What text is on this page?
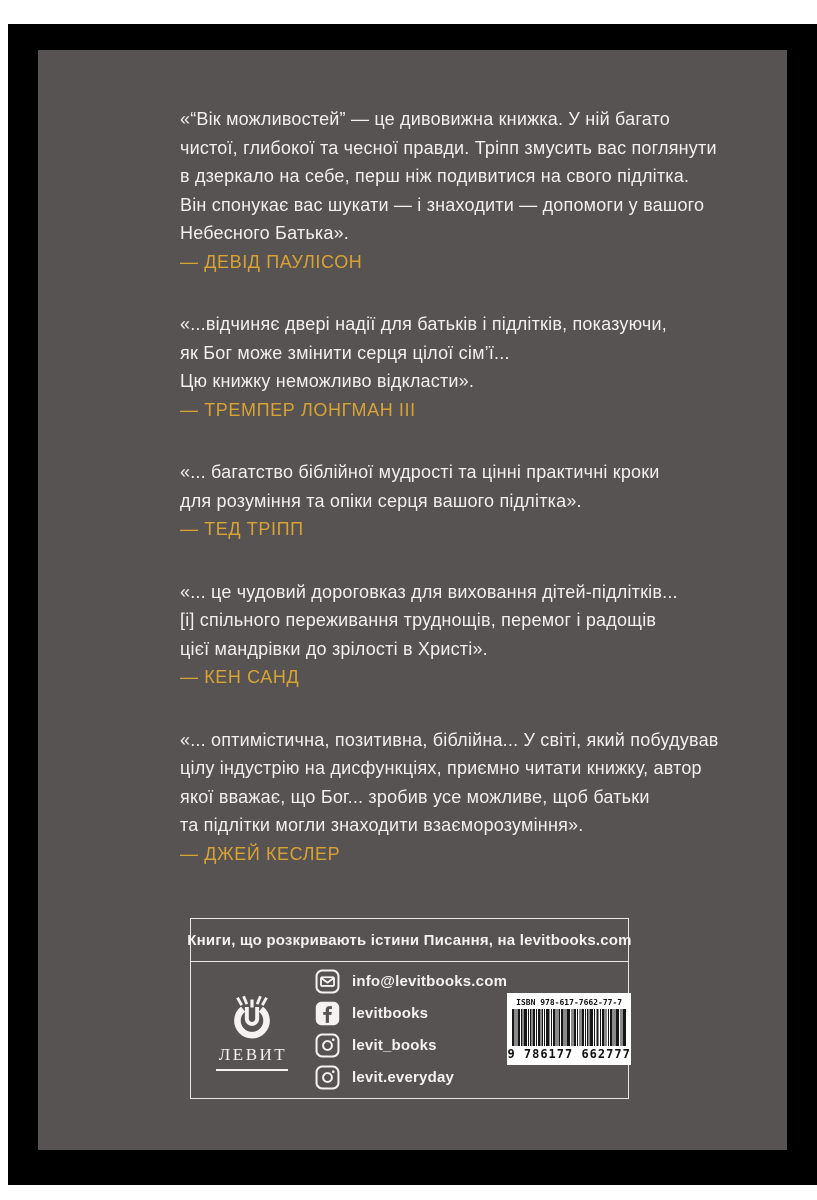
«“Вік можливостей” — це дивовижна книжка. У ній багато
чистої, глибокої та чесної правди. Тріпп змусить вас поглянути
в дзеркало на себе, перш ніж подивитися на свого підлітка.
Він спонукає вас шукати — і знаходити — допомоги у вашого
Небесного Батька».
— ДЕВІД ПАУЛІСОН
«...відчиняє двері надії для батьків і підлітків, показуючи,
як Бог може змінити серця цілої сім’ї...
Цю книжку неможливо відкласти».
— ТРЕМПЕР ЛОНГМАН III
«... багатство біблійної мудрості та цінні практичні кроки
для розуміння та опіки серця вашого підлітка».
— ТЕД ТРІПП
«... це чудовий дороговказ для виховання дітей-підлітків...
[і] спільного переживання труднощів, перемог і радощів
цієї мандрівки до зрілості в Христі».
— КЕН САНД
«... оптимістична, позитивна, біблійна... У світі, який побудував
цілу індустрію на дисфункціях, приємно читати книжку, автор
якої вважає, що Бог... зробив усе можливе, щоб батьки
та підлітки могли знаходити взаєморозуміння».
— ДЖЕЙ КЕСЛЕР
Книги, що розкривають істини Писання, на levitbooks.com
ЛЕВИТ
info@levitbooks.com
levitbooks
levit_books
levit.everyday
ISBN 978-617-7662-77-7
9 786177 662777
